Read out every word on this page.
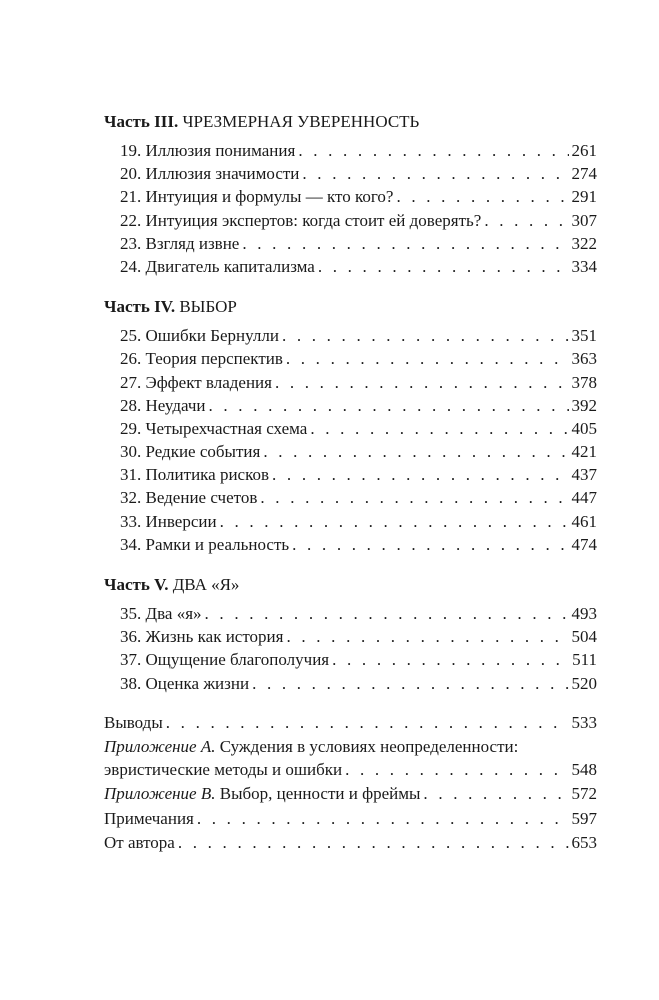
Часть III. ЧРЕЗМЕРНАЯ УВЕРЕННОСТЬ
19. Иллюзия понимания . . .	261
20. Иллюзия значимости . . .	274
21. Интуиция и формулы — кто кого? . . .	291
22. Интуиция экспертов: когда стоит ей доверять? . . .	307
23. Взгляд извне . . .	322
24. Двигатель капитализма . . .	334
Часть IV. ВЫБОР
25. Ошибки Бернулли . . .	351
26. Теория перспектив . . .	363
27. Эффект владения . . .	378
28. Неудачи . . .	392
29. Четырехчастная схема . . .	405
30. Редкие события . . .	421
31. Политика рисков . . .	437
32. Ведение счетов . . .	447
33. Инверсии . . .	461
34. Рамки и реальность . . .	474
Часть V. ДВА «Я»
35. Два «я» . . .	493
36. Жизнь как история . . .	504
37. Ощущение благополучия . . .	511
38. Оценка жизни . . .	520
Выводы . . .	533
Приложение А. Суждения в условиях неопределенности:
эвристические методы и ошибки . . .	548
Приложение В. Выбор, ценности и фреймы . . .	572
Примечания . . .	597
От автора . . .	653
